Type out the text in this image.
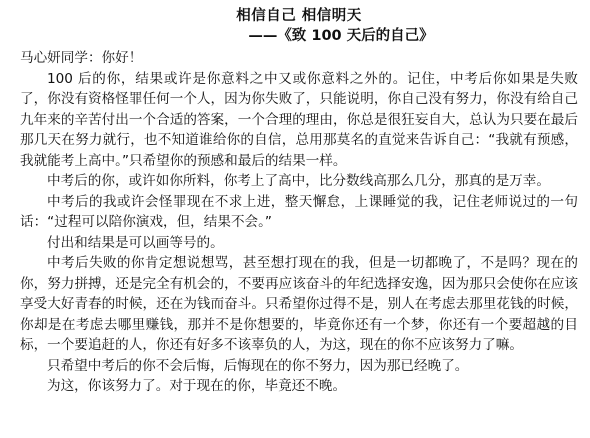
相信自己 相信明天
——《致 100 天后的自己》
马心妍同学：你好！
100 后的你，结果或许是你意料之中又或你意料之外的。记住，中考后你如果是失败了，你没有资格怪罪任何一个人，因为你失败了，只能说明，你自己没有努力，你没有给自己九年来的辛苦付出一个合适的答案，一个合理的理由，你总是很狂妄自大，总认为只要在最后那几天在努力就行，也不知道谁给你的自信，总用那莫名的直觉来告诉自己：“我就有预感，我就能考上高中。”只希望你的预感和最后的结果一样。
中考后的你，或许如你所料，你考上了高中，比分数线高那么几分，那真的是万幸。
中考后的我或许会怪罪现在不求上进，整天懈怠，上课睡觉的我，记住老师说过的一句话：“过程可以陪你演戏，但，结果不会。”
付出和结果是可以画等号的。
中考后失败的你肯定想说想骂，甚至想打现在的我，但是一切都晚了，不是吗？现在的你，努力拼搏，还是完全有机会的，不要再应该奋斗的年纪选择安逸，因为那只会使你在应该享受大好青春的时候，还在为钱而奋斗。只希望你过得不是，别人在考虑去那里花钱的时候，你却是在考虑去哪里赚钱，那并不是你想要的，毕竟你还有一个梦，你还有一个要超越的目标，一个要追赶的人，你还有好多不该辜负的人，为这，现在的你不应该努力了嘛。
只希望中考后的你不会后悔，后悔现在的你不努力，因为那已经晚了。
为这，你该努力了。对于现在的你，毕竟还不晚。
